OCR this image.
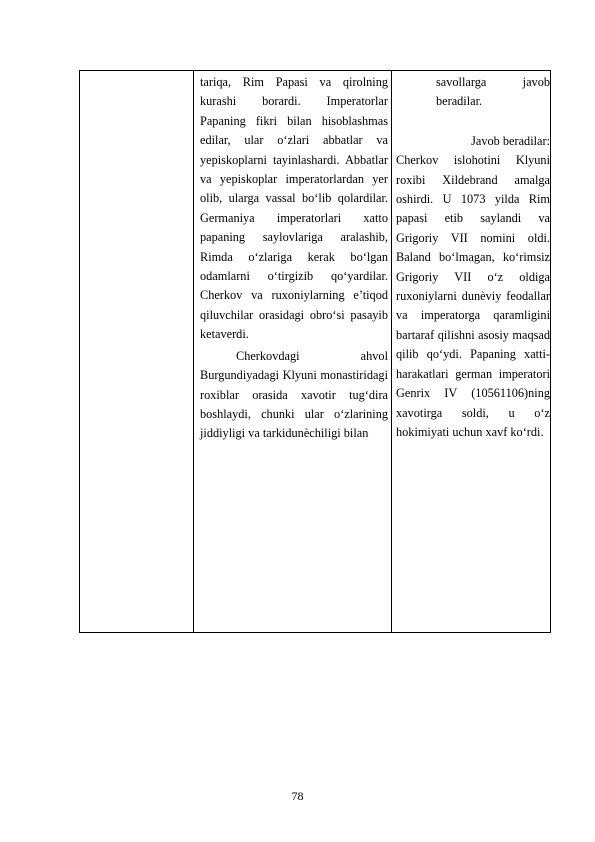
tariqa, Rim Papasi va qirolning kurashi borardi. Imperatorlar Papaning fikri bilan hisoblashmas edilar, ular o‘zlari abbatlar va yepiskoplarni tayinlashardi. Abbatlar va yepiskoplar imperatorlardan yer olib, ularga vassal bo‘lib qolardilar. Germaniya imperatorlari xatto papaning saylovlariga aralashib, Rimda o‘zlariga kerak bo‘lgan odamlarni o‘tirgizib qo‘yardilar. Cherkov va ruxoniylarning e’tiqod qiluvchilar orasidagi obro‘si pasayib ketaverdi.

Cherkovdagi ahvol Burgundiyadagi Klyuni monastiridagi roxiblar orasida xavotir tug‘dira boshlaydi, chunki ular o‘zlarining jiddiyligi va tarkidunèchiligi bilan

savollarga javob beradilar.

Javob beradilar:

Cherkov islohotini Klyuni roxibi Xildebrand amalga oshirdi. U 1073 yilda Rim papasi etib saylandi va Grigoriy VII nomini oldi. Baland bo‘lmagan, ko‘rimsiz Grigoriy VII o‘z oldiga ruxoniylarni dunèviy feodallar va imperatorga qaramligini bartaraf qilishni asosiy maqsad qilib qo‘ydi. Papaning xatti-harakatlari german imperatori Genrix IV (10561106)ning xavotirga soldi, u o‘z hokimiyati uchun xavf ko‘rdi.

78
